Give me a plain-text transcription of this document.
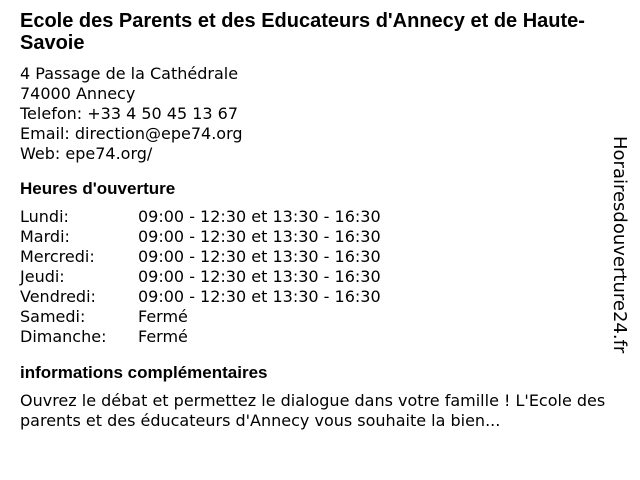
Ecole des Parents et des Educateurs d'Annecy et de Haute-Savoie
4 Passage de la Cathédrale
74000 Annecy
Telefon: +33 4 50 45 13 67
Email: direction@epe74.org
Web: epe74.org/
Heures d'ouverture
Lundi:	09:00 - 12:30 et 13:30 - 16:30
Mardi:	09:00 - 12:30 et 13:30 - 16:30
Mercredi:	09:00 - 12:30 et 13:30 - 16:30
Jeudi:	09:00 - 12:30 et 13:30 - 16:30
Vendredi:	09:00 - 12:30 et 13:30 - 16:30
Samedi:	Fermé
Dimanche:	Fermé
informations complémentaires
Ouvrez le débat et permettez le dialogue dans votre famille ! L'Ecole des parents et des éducateurs d'Annecy vous souhaite la bien...
Horairesdouverture24.fr
